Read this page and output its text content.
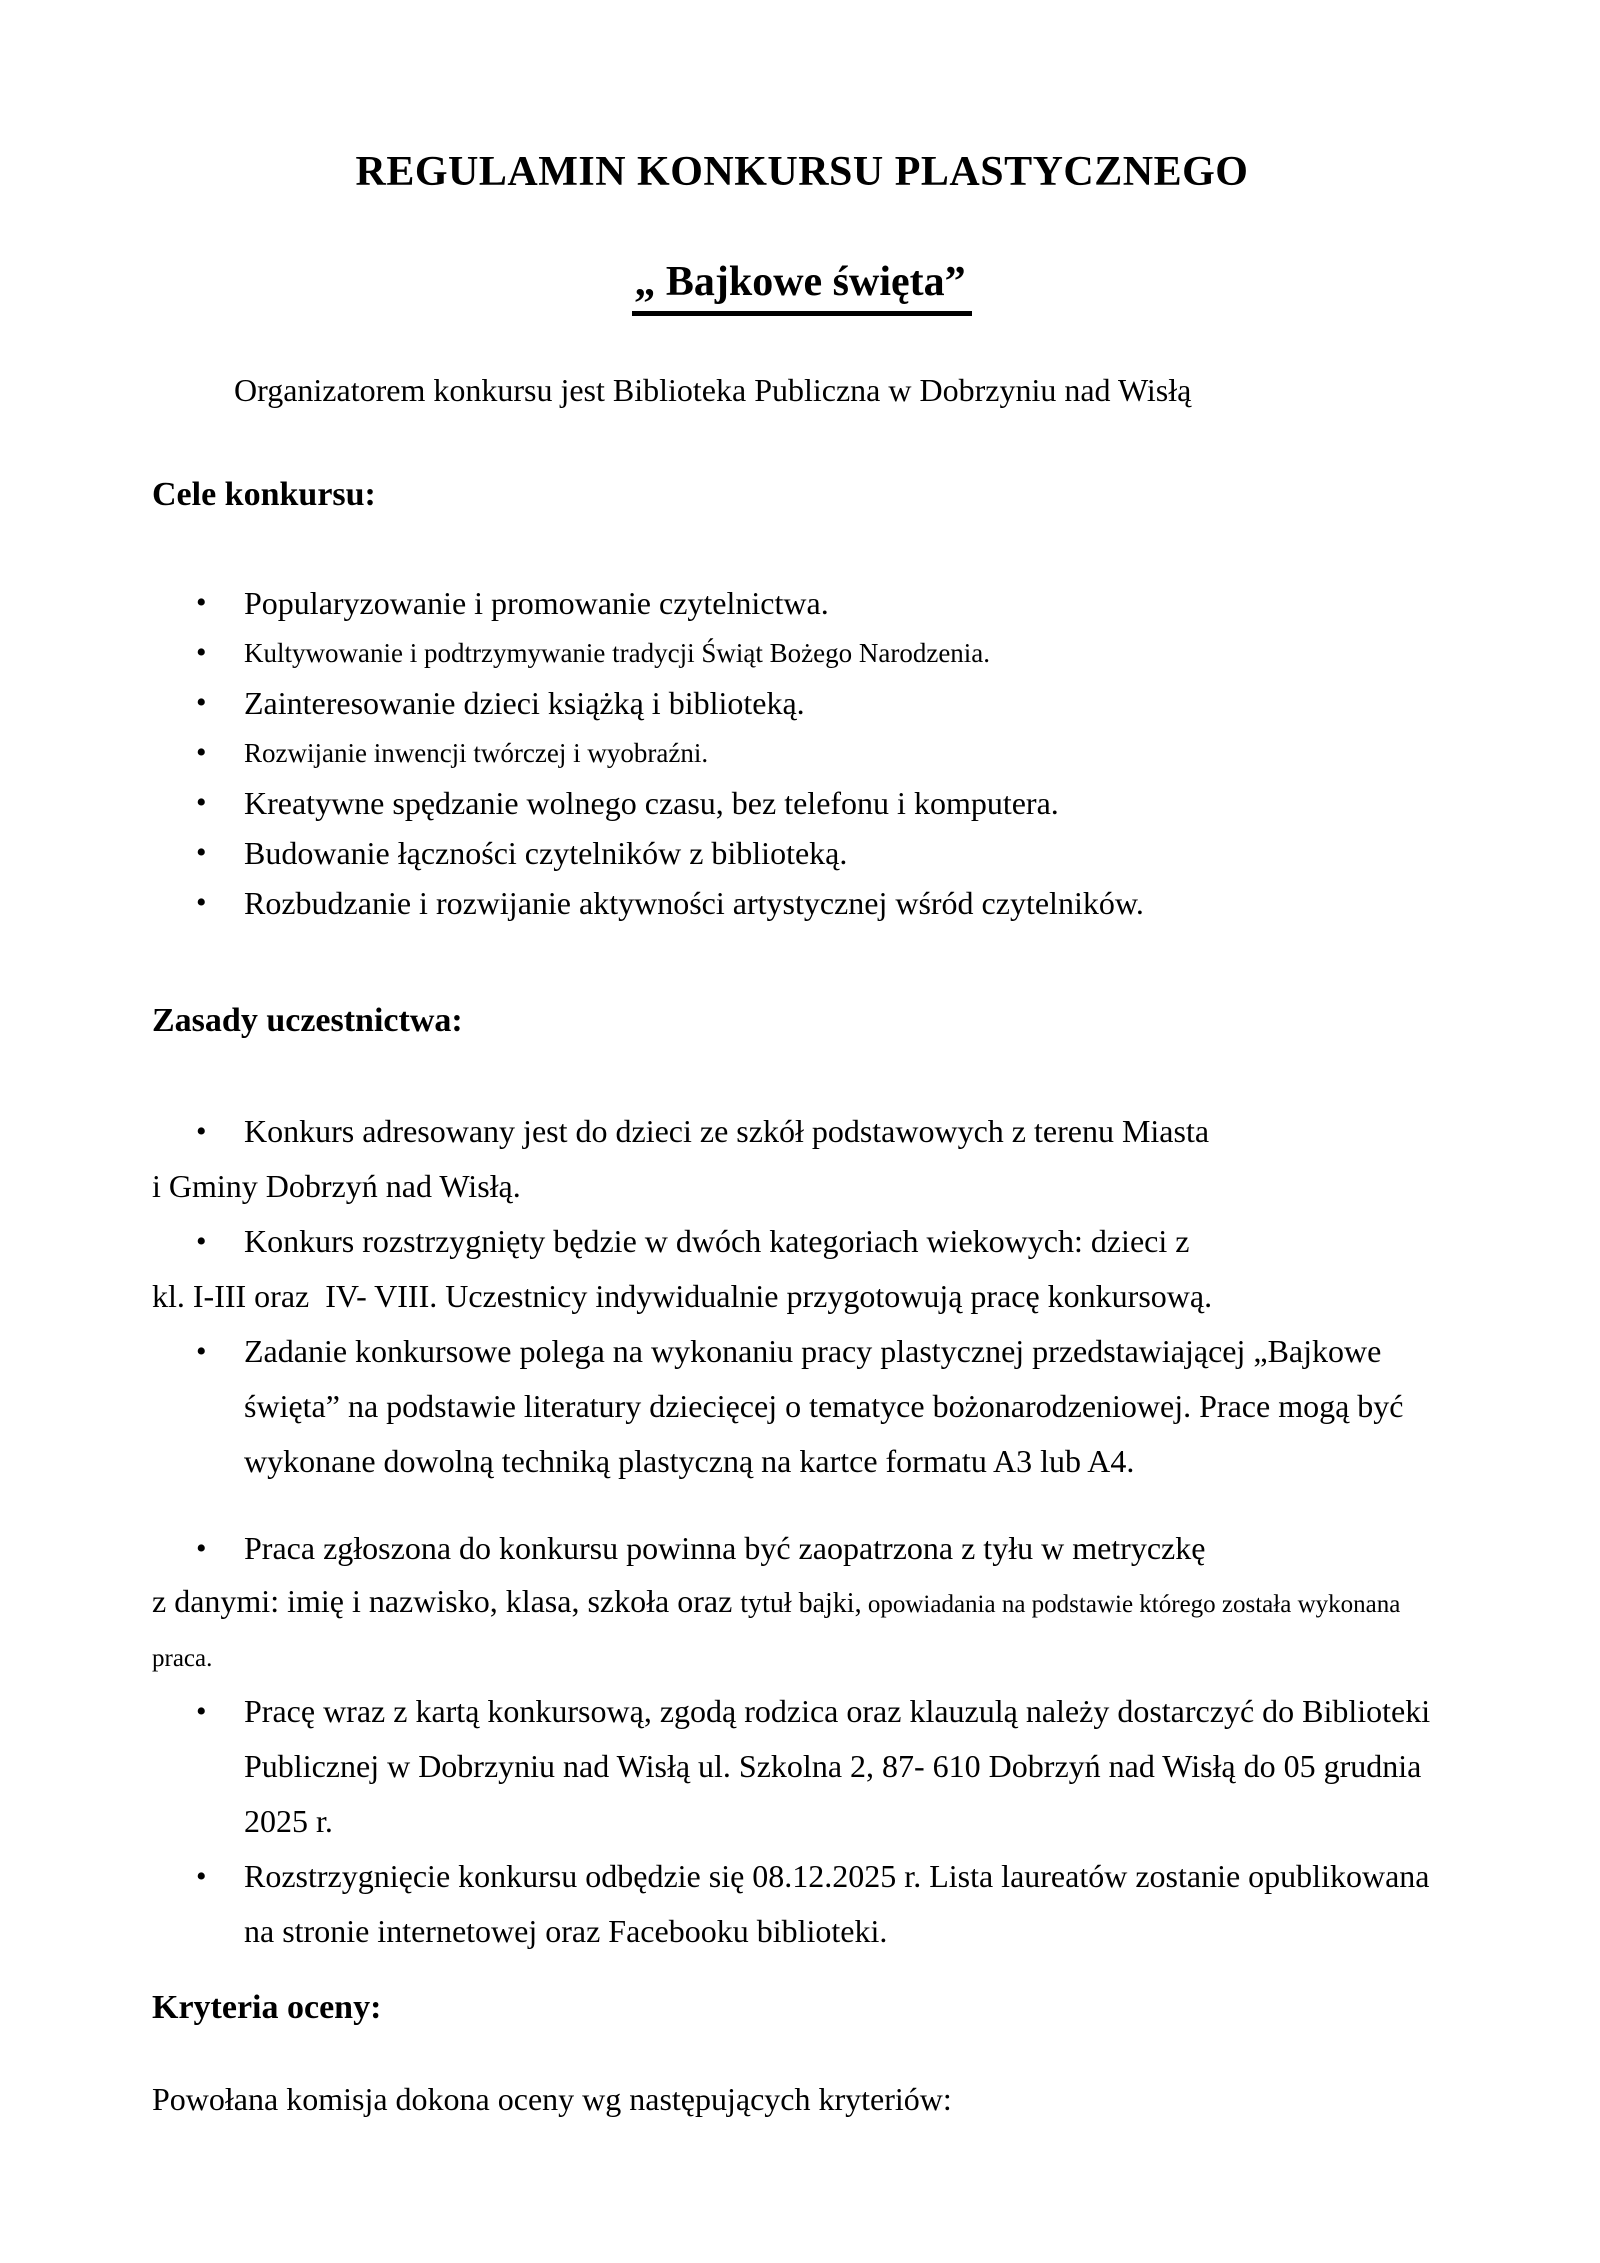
REGULAMIN KONKURSU PLASTYCZNEGO
„ Bajkowe święta”

Organizatorem konkursu jest Biblioteka Publiczna w Dobrzyniu nad Wisłą

Cele konkursu:
• Popularyzowanie i promowanie czytelnictwa.
• Kultywowanie i podtrzymywanie tradycji Świąt Bożego Narodzenia.
• Zainteresowanie dzieci książką i biblioteką.
• Rozwijanie inwencji twórczej i wyobraźni.
• Kreatywne spędzanie wolnego czasu, bez telefonu i komputera.
• Budowanie łączności czytelników z biblioteką.
• Rozbudzanie i rozwijanie aktywności artystycznej wśród czytelników.
Zasady uczestnictwa:
• Konkurs adresowany jest do dzieci ze szkół podstawowych z terenu Miasta

i Gminy Dobrzyń nad Wisłą.

• Konkurs rozstrzygnięty będzie w dwóch kategoriach wiekowych: dzieci z

kl. I-III oraz  IV- VIII. Uczestnicy indywidualnie przygotowują pracę konkursową.

• Zadanie konkursowe polega na wykonaniu pracy plastycznej przedstawiającej „Bajkowe święta” na podstawie literatury dziecięcej o tematyce bożonarodzeniowej. Prace mogą być wykonane dowolną techniką plastyczną na kartce formatu A3 lub A4.
• Praca zgłoszona do konkursu powinna być zaopatrzona z tyłu w metryczkę

z danymi: imię i nazwisko, klasa, szkoła oraz tytuł bajki, opowiadania na podstawie którego została wykonana praca.

• Pracę wraz z kartą konkursową, zgodą rodzica oraz klauzulą należy dostarczyć do Biblioteki Publicznej w Dobrzyniu nad Wisłą ul. Szkolna 2, 87- 610 Dobrzyń nad Wisłą do 05 grudnia 2025 r.
• Rozstrzygnięcie konkursu odbędzie się 08.12.2025 r. Lista laureatów zostanie opublikowana na stronie internetowej oraz Facebooku biblioteki.
Kryteria oceny:

Powołana komisja dokona oceny wg następujących kryteriów:
